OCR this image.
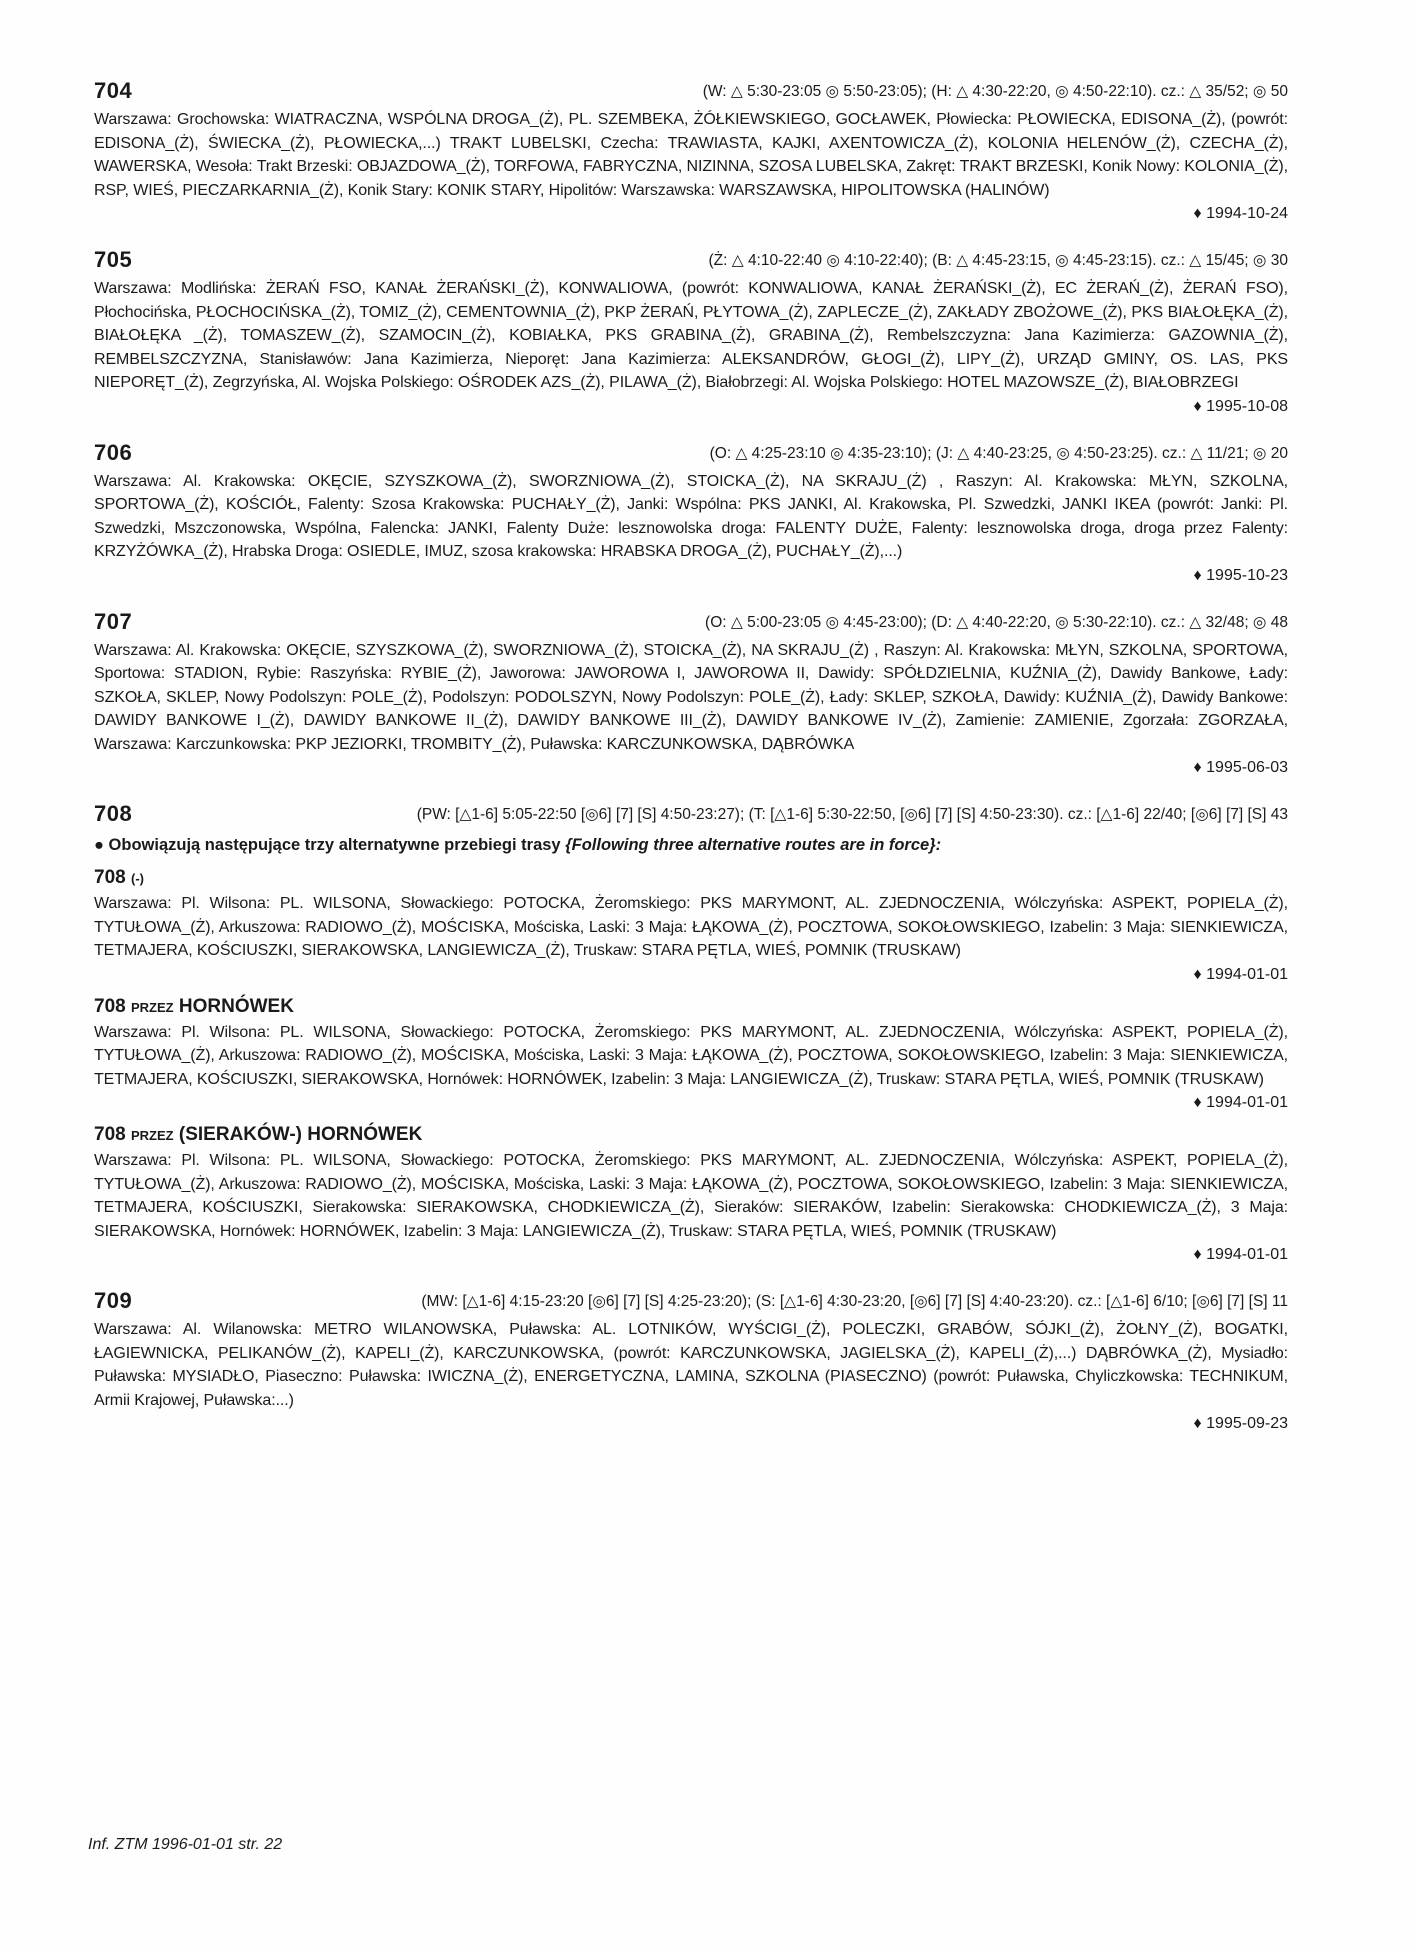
704	(W: △ 5:30-23:05 ◎ 5:50-23:05); (H: △ 4:30-22:20, ◎ 4:50-22:10). cz.: △ 35/52; ◎ 50
Warszawa: Grochowska: WIATRACZNA, WSPÓLNA DROGA_(Ż), PL. SZEMBEKA, ŻÓŁKIEWSKIEGO, GOCŁAWEK, Płowiecka: PŁOWIECKA, EDISONA_(Ż), (powrót: EDISONA_(Ż), ŚWIECKA_(Ż), PŁOWIECKA,...) TRAKT LUBELSKI, Czecha: TRAWIASTA, KAJKI, AXENTOWICZA_(Ż), KOLONIA HELENÓW_(Ż), CZECHA_(Ż), WAWERSKA, Wesoła: Trakt Brzeski: OBJAZDOWA_(Ż), TORFOWA, FABRYCZNA, NIZINNA, SZOSA LUBELSKA, Zakręt: TRAKT BRZESKI, Konik Nowy: KOLONIA_(Ż), RSP, WIEŚ, PIECZARKARNIA_(Ż), Konik Stary: KONIK STARY, Hipolitów: Warszawska: WARSZAWSKA, HIPOLITOWSKA (HALINÓW)
♦ 1994-10-24
705	(Ż: △ 4:10-22:40 ◎ 4:10-22:40); (B: △ 4:45-23:15, ◎ 4:45-23:15). cz.: △ 15/45; ◎ 30
Warszawa: Modlińska: ŻERAŃ FSO, KANAŁ ŻERAŃSKI_(Ż), KONWALIOWA, (powrót: KONWALIOWA, KANAŁ ŻERAŃSKI_(Ż), EC ŻERAŃ_(Ż), ŻERAŃ FSO), Płochocińska, PŁOCHOCIŃSKA_(Ż), TOMIZ_(Ż), CEMENTOWNIA_(Ż), PKP ŻERAŃ, PŁYTOWA_(Ż), ZAPLECZE_(Ż), ZAKŁADY ZBOŻOWE_(Ż), PKS BIAŁOŁĘKA_(Ż), BIAŁOŁĘKA _(Ż), TOMASZEW_(Ż), SZAMOCIN_(Ż), KOBIAŁKA, PKS GRABINA_(Ż), GRABINA_(Ż), Rembelszczyzna: Jana Kazimierza: GAZOWNIA_(Ż), REMBELSZCZYZNA, Stanisławów: Jana Kazimierza, Nieporęt: Jana Kazimierza: ALEKSANDRÓW, GŁOGI_(Ż), LIPY_(Ż), URZĄD GMINY, OS. LAS, PKS NIEPORĘT_(Ż), Zegrzyńska, Al. Wojska Polskiego: OŚRODEK AZS_(Ż), PILAWA_(Ż), Białobrzegi: Al. Wojska Polskiego: HOTEL MAZOWSZE_(Ż), BIAŁOBRZEGI
♦ 1995-10-08
706	(O: △ 4:25-23:10 ◎ 4:35-23:10); (J: △ 4:40-23:25, ◎ 4:50-23:25). cz.: △ 11/21; ◎ 20
Warszawa: Al. Krakowska: OKĘCIE, SZYSZKOWA_(Ż), SWORZNIOWA_(Ż), STOICKA_(Ż), NA SKRAJU_(Ż) , Raszyn: Al. Krakowska: MŁYN, SZKOLNA, SPORTOWA_(Ż), KOŚCIÓŁ, Falenty: Szosa Krakowska: PUCHAŁY_(Ż), Janki: Wspólna: PKS JANKI, Al. Krakowska, Pl. Szwedzki, JANKI IKEA (powrót: Janki: Pl. Szwedzki, Mszczonowska, Wspólna, Falencka: JANKI, Falenty Duże: lesznowolska droga: FALENTY DUŻE, Falenty: lesznowolska droga, droga przez Falenty: KRZYŻÓWKA_(Ż), Hrabska Droga: OSIEDLE, IMUZ, szosa krakowska: HRABSKA DROGA_(Ż), PUCHAŁY_(Ż),...)
♦ 1995-10-23
707	(O: △ 5:00-23:05 ◎ 4:45-23:00); (D: △ 4:40-22:20, ◎ 5:30-22:10). cz.: △ 32/48; ◎ 48
Warszawa: Al. Krakowska: OKĘCIE, SZYSZKOWA_(Ż), SWORZNIOWA_(Ż), STOICKA_(Ż), NA SKRAJU_(Ż) , Raszyn: Al. Krakowska: MŁYN, SZKOLNA, SPORTOWA, Sportowa: STADION, Rybie: Raszyńska: RYBIE_(Ż), Jaworowa: JAWOROWA I, JAWOROWA II, Dawidy: SPÓŁDZIELNIA, KUŹNIA_(Ż), Dawidy Bankowe, Łady: SZKOŁA, SKLEP, Nowy Podolszyn: POLE_(Ż), Podolszyn: PODOLSZYN, Nowy Podolszyn: POLE_(Ż), Łady: SKLEP, SZKOŁA, Dawidy: KUŹNIA_(Ż), Dawidy Bankowe: DAWIDY BANKOWE I_(Ż), DAWIDY BANKOWE II_(Ż), DAWIDY BANKOWE III_(Ż), DAWIDY BANKOWE IV_(Ż), Zamienie: ZAMIENIE, Zgorzała: ZGORZAŁA, Warszawa: Karczunkowska: PKP JEZIORKI, TROMBITY_(Ż), Puławska: KARCZUNKOWSKA, DĄBRÓWKA
♦ 1995-06-03
708	(PW: [△1-6] 5:05-22:50 [◎6] [7] [S] 4:50-23:27); (T: [△1-6] 5:30-22:50, [◎6] [7] [S] 4:50-23:30). cz.: [△1-6] 22/40; [◎6] [7] [S] 43
● Obowiązują następujące trzy alternatywne przebiegi trasy {Following three alternative routes are in force}:
708 (-)
Warszawa: Pl. Wilsona: PL. WILSONA, Słowackiego: POTOCKA, Żeromskiego: PKS MARYMONT, AL. ZJEDNOCZENIA, Wólczyńska: ASPEKT, POPIELA_(Ż), TYTUŁOWA_(Ż), Arkuszowa: RADIOWO_(Ż), MOŚCISKA, Mościska, Laski: 3 Maja: ŁĄKOWA_(Ż), POCZTOWA, SOKOŁOWSKIEGO, Izabelin: 3 Maja: SIENKIEWICZA, TETMAJERA, KOŚCIUSZKI, SIERAKOWSKA, LANGIEWICZA_(Ż), Truskaw: STARA PĘTLA, WIEŚ, POMNIK (TRUSKAW)
♦ 1994-01-01
708 PRZEZ HORNÓWEK
Warszawa: Pl. Wilsona: PL. WILSONA, Słowackiego: POTOCKA, Żeromskiego: PKS MARYMONT, AL. ZJEDNOCZENIA, Wólczyńska: ASPEKT, POPIELA_(Ż), TYTUŁOWA_(Ż), Arkuszowa: RADIOWO_(Ż), MOŚCISKA, Mościska, Laski: 3 Maja: ŁĄKOWA_(Ż), POCZTOWA, SOKOŁOWSKIEGO, Izabelin: 3 Maja: SIENKIEWICZA, TETMAJERA, KOŚCIUSZKI, SIERAKOWSKA, Hornówek: HORNÓWEK, Izabelin: 3 Maja: LANGIEWICZA_(Ż), Truskaw: STARA PĘTLA, WIEŚ, POMNIK (TRUSKAW)
♦ 1994-01-01
708 PRZEZ (SIERAKÓW-) HORNÓWEK
Warszawa: Pl. Wilsona: PL. WILSONA, Słowackiego: POTOCKA, Żeromskiego: PKS MARYMONT, AL. ZJEDNOCZENIA, Wólczyńska: ASPEKT, POPIELA_(Ż), TYTUŁOWA_(Ż), Arkuszowa: RADIOWO_(Ż), MOŚCISKA, Mościska, Laski: 3 Maja: ŁĄKOWA_(Ż), POCZTOWA, SOKOŁOWSKIEGO, Izabelin: 3 Maja: SIENKIEWICZA, TETMAJERA, KOŚCIUSZKI, Sierakowska: SIERAKOWSKA, CHODKIEWICZA_(Ż), Sieraków: SIERAKÓW, Izabelin: Sierakowska: CHODKIEWICZA_(Ż), 3 Maja: SIERAKOWSKA, Hornówek: HORNÓWEK, Izabelin: 3 Maja: LANGIEWICZA_(Ż), Truskaw: STARA PĘTLA, WIEŚ, POMNIK (TRUSKAW)
♦ 1994-01-01
709	(MW: [△1-6] 4:15-23:20 [◎6] [7] [S] 4:25-23:20); (S: [△1-6] 4:30-23:20, [◎6] [7] [S] 4:40-23:20). cz.: [△1-6] 6/10; [◎6] [7] [S] 11
Warszawa: Al. Wilanowska: METRO WILANOWSKA, Puławska: AL. LOTNIKÓW, WYŚCIGI_(Ż), POLECZKI, GRABÓW, SÓJKI_(Ż), ŻOŁNY_(Ż), BOGATKI, ŁAGIEWNICKA, PELIKANÓW_(Ż), KAPELI_(Ż), KARCZUNKOWSKA, (powrót: KARCZUNKOWSKA, JAGIELSKA_(Ż), KAPELI_(Ż),...) DĄBRÓWKA_(Ż), Mysiadło: Puławska: MYSIADŁO, Piaseczno: Puławska: IWICZNA_(Ż), ENERGETYCZNA, LAMINA, SZKOLNA (PIASECZNO) (powrót: Puławska, Chyliczkowska: TECHNIKUM, Armii Krajowej, Puławska:...)
♦ 1995-09-23
Inf. ZTM 1996-01-01 str. 22
